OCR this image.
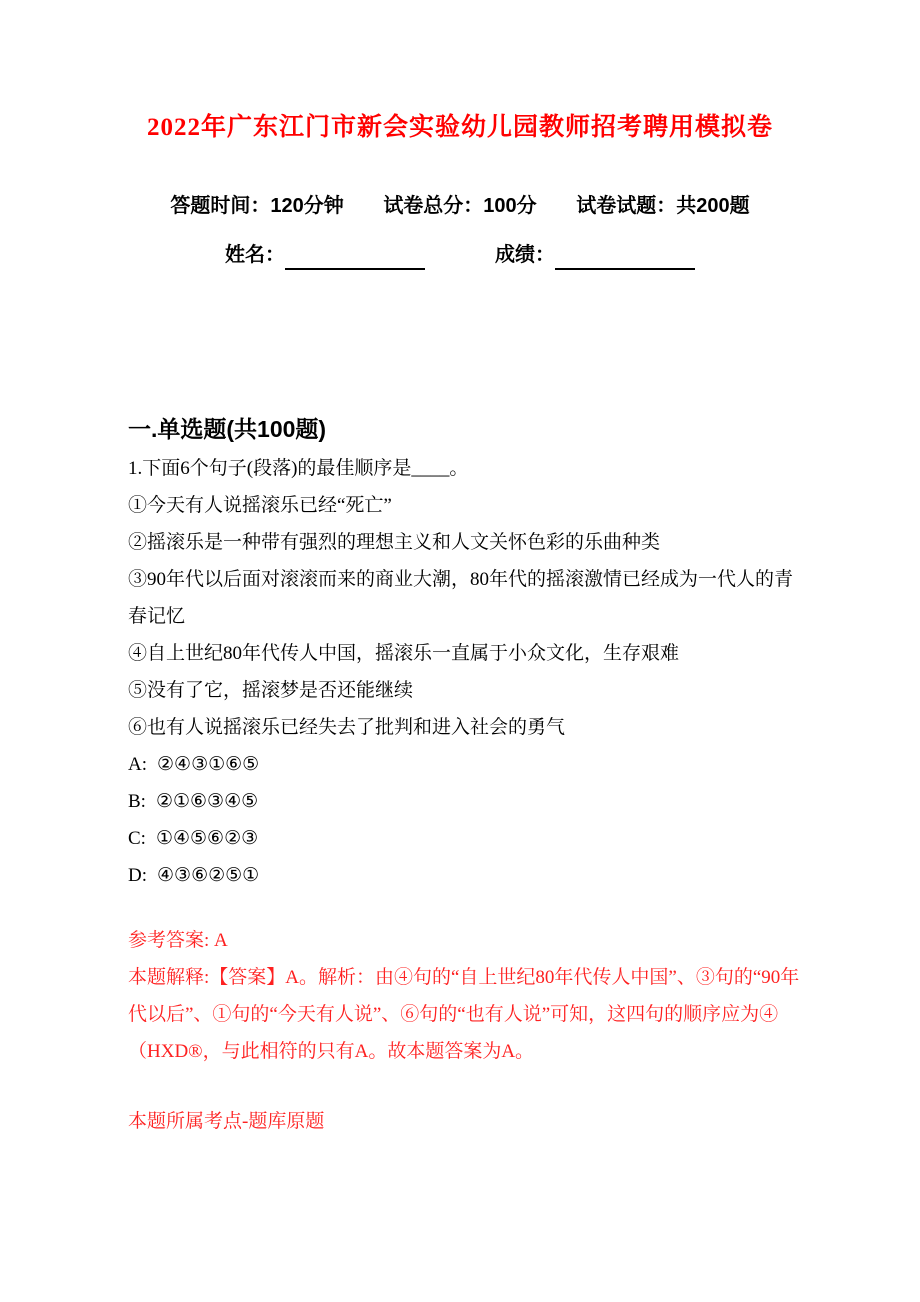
2022年广东江门市新会实验幼儿园教师招考聘用模拟卷
答题时间：120分钟 试卷总分：100分 试卷试题：共200题
姓名：	成绩：
一.单选题(共100题)

1.下面6个句子(段落)的最佳顺序是____。

①今天有人说摇滚乐已经“死亡”

②摇滚乐是一种带有强烈的理想主义和人文关怀色彩的乐曲种类

③90年代以后面对滚滚而来的商业大潮，80年代的摇滚激情已经成为一代人的青春记忆

④自上世纪80年代传人中国，摇滚乐一直属于小众文化，生存艰难

⑤没有了它，摇滚梦是否还能继续

⑥也有人说摇滚乐已经失去了批判和进入社会的勇气

A: ②④③①⑥⑤

B: ②①⑥③④⑤

C: ①④⑤⑥②③

D: ④③⑥②⑤①

参考答案: A

本题解释:【答案】A。解析：由④句的“自上世纪80年代传人中国”、③句的“90年代以后”、①句的“今天有人说”、⑥句的“也有人说”可知，这四句的顺序应为④（HXD®，与此相符的只有A。故本题答案为A。

本题所属考点-题库原题
